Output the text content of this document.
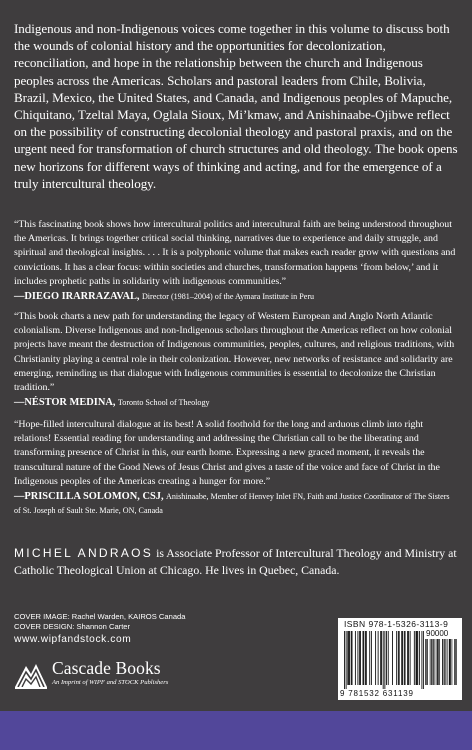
Indigenous and non-Indigenous voices come together in this volume to discuss both the wounds of colonial history and the opportunities for decolonization, reconciliation, and hope in the relationship between the church and Indigenous peoples across the Americas. Scholars and pastoral leaders from Chile, Bolivia, Brazil, Mexico, the United States, and Canada, and Indigenous peoples of Mapuche, Chiquitano, Tzeltal Maya, Oglala Sioux, Mi’kmaw, and Anishinaabe-Ojibwe reflect on the possibility of constructing decolonial theology and pastoral praxis, and on the urgent need for transformation of church structures and old theology. The book opens new horizons for different ways of thinking and acting, and for the emergence of a truly intercultural theology.

“This fascinating book shows how intercultural politics and intercultural faith are being understood throughout the Americas. It brings together critical social thinking, narratives due to experience and daily struggle, and spiritual and theological insights. . . . It is a polyphonic volume that makes each reader grow with questions and convictions. It has a clear focus: within societies and churches, transformation happens ‘from below,’ and it includes prophetic paths in solidarity with indigenous communities.”
—DIEGO IRARRAZAVAL, Director (1981–2004) of the Aymara Institute in Peru
“This book charts a new path for understanding the legacy of Western European and Anglo North Atlantic colonialism. Diverse Indigenous and non-Indigenous scholars throughout the Americas reflect on how colonial projects have meant the destruction of Indigenous communities, peoples, cultures, and religious traditions, with Christianity playing a central role in their colonization. However, new networks of resistance and solidarity are emerging, reminding us that dialogue with Indigenous communities is essential to decolonize the Christian tradition.”
—NÉSTOR MEDINA, Toronto School of Theology
“Hope-filled intercultural dialogue at its best! A solid foothold for the long and arduous climb into right relations! Essential reading for understanding and addressing the Christian call to be the liberating and transforming presence of Christ in this, our earth home. Expressing a new graced moment, it reveals the transcultural nature of the Good News of Jesus Christ and gives a taste of the voice and face of Christ in the Indigenous peoples of the Americas creating a hunger for more.”
—PRISCILLA SOLOMON, CSJ, Anishinaabe, Member of Henvey Inlet FN, Faith and Justice Coordinator of The Sisters of St. Joseph of Sault Ste. Marie, ON, Canada

MICHEL ANDRAOS is Associate Professor of Intercultural Theology and Ministry at Catholic Theological Union at Chicago. He lives in Quebec, Canada.

COVER IMAGE: Rachel Warden, KAIROS Canada
COVER DESIGN: Shannon Carter
www.wipfandstock.com
Cascade Books
An Imprint of WIPF and STOCK Publishers
ISBN 978-1-5326-3113-9
90000
9 781532 631139
